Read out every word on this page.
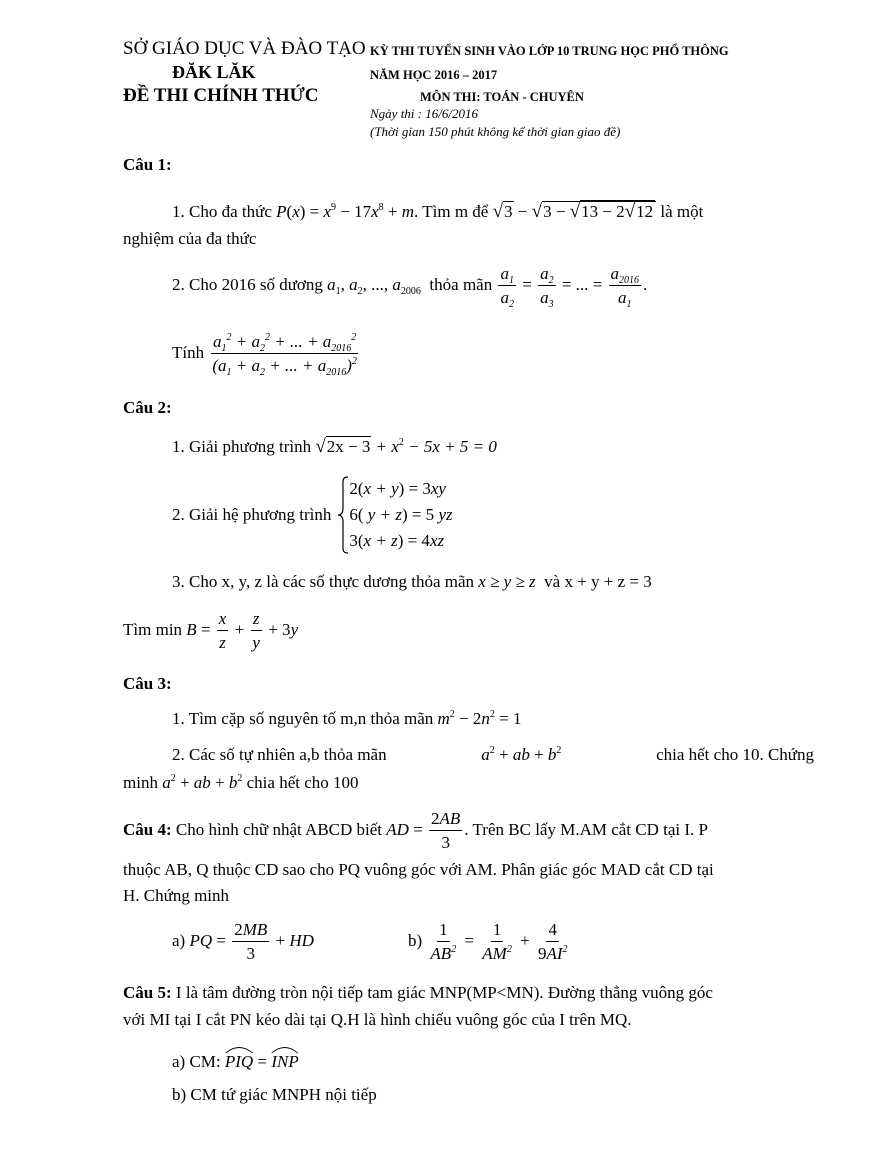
SỞ GIÁO DỤC VÀ ĐÀO TẠO KỲ THI TUYỂN SINH VÀO LỚP 10 TRUNG HỌC PHỔ THÔNG
ĐĂK LĂK	NĂM HỌC 2016 – 2017
ĐỀ THI CHÍNH THỨC	MÔN THI: TOÁN - CHUYÊN
Ngày thi : 16/6/2016
(Thời gian 150 phút không kể thời gian giao đề)
Câu 1:
1. Cho đa thức $P(x) = x^9 - 17x^8 + m$. Tìm m để √3 − √3 − √13 − 2√12 là một
nghiệm của đa thức
2. Cho 2016 số dương $a_1$, $a_2$, ..., $a_{2006}$ thỏa mãn $\frac{a_1}{a_2} = \frac{a_2}{a_3}$ = ... = $\frac{a_{2016}}{a_1}$ .
Tính $\frac{a_1^2 + a_2^2 + ... + a_{2016}^2}{(a_1 + a_2 + ... + a_{2016})^2}$
Câu 2:
1. Giải phương trình $√2x - 3 + x^2 - 5x + 5 = 0$
2. Giải hệ phương trình
2(x + y) = 3xy
6( y + z) = 5 yz
3(x + z) = 4xz
3. Cho x, y, z là các số thực dương thỏa mãn x ≥ y ≥ z và x + y + z = 3
Tìm $\min B = \frac{x}{z} + \frac{z}{y} + 3y$
Câu 3:
1. Tìm cặp số nguyên tố m,n thỏa mãn $m^2 - 2n^2 = 1$
2. Các số tự nhiên a,b thỏa mãn	$a^2$ + ab + $b^2$	chia hết cho 10. Chứng
minh $a^2$ + ab + $b^2$ chia hết cho 100
Câu 4: Cho hình chữ nhật ABCD biết AD = $\frac{2AB}{3}$ . Trên BC lấy M.AM cắt CD tại I. P
thuộc AB, Q thuộc CD sao cho PQ vuông góc với AM. Phân giác góc MAD cắt CD tại
H. Chứng minh
a) PQ = $\frac{2MB}{3}$ + HD	$b) \frac{1}{AB^2} = \frac{1}{AM^2} + \frac{4}{9AI^2}$
Câu 5: I là tâm đường tròn nội tiếp tam giác MNP(MP<MN). Đường thẳng vuông góc
với MI tại I cắt PN kéo dài tại Q.H là hình chiếu vuông góc của I trên MQ.
a) CM: PIQ
= INP
b) CM tứ giác MNPH nội tiếp
